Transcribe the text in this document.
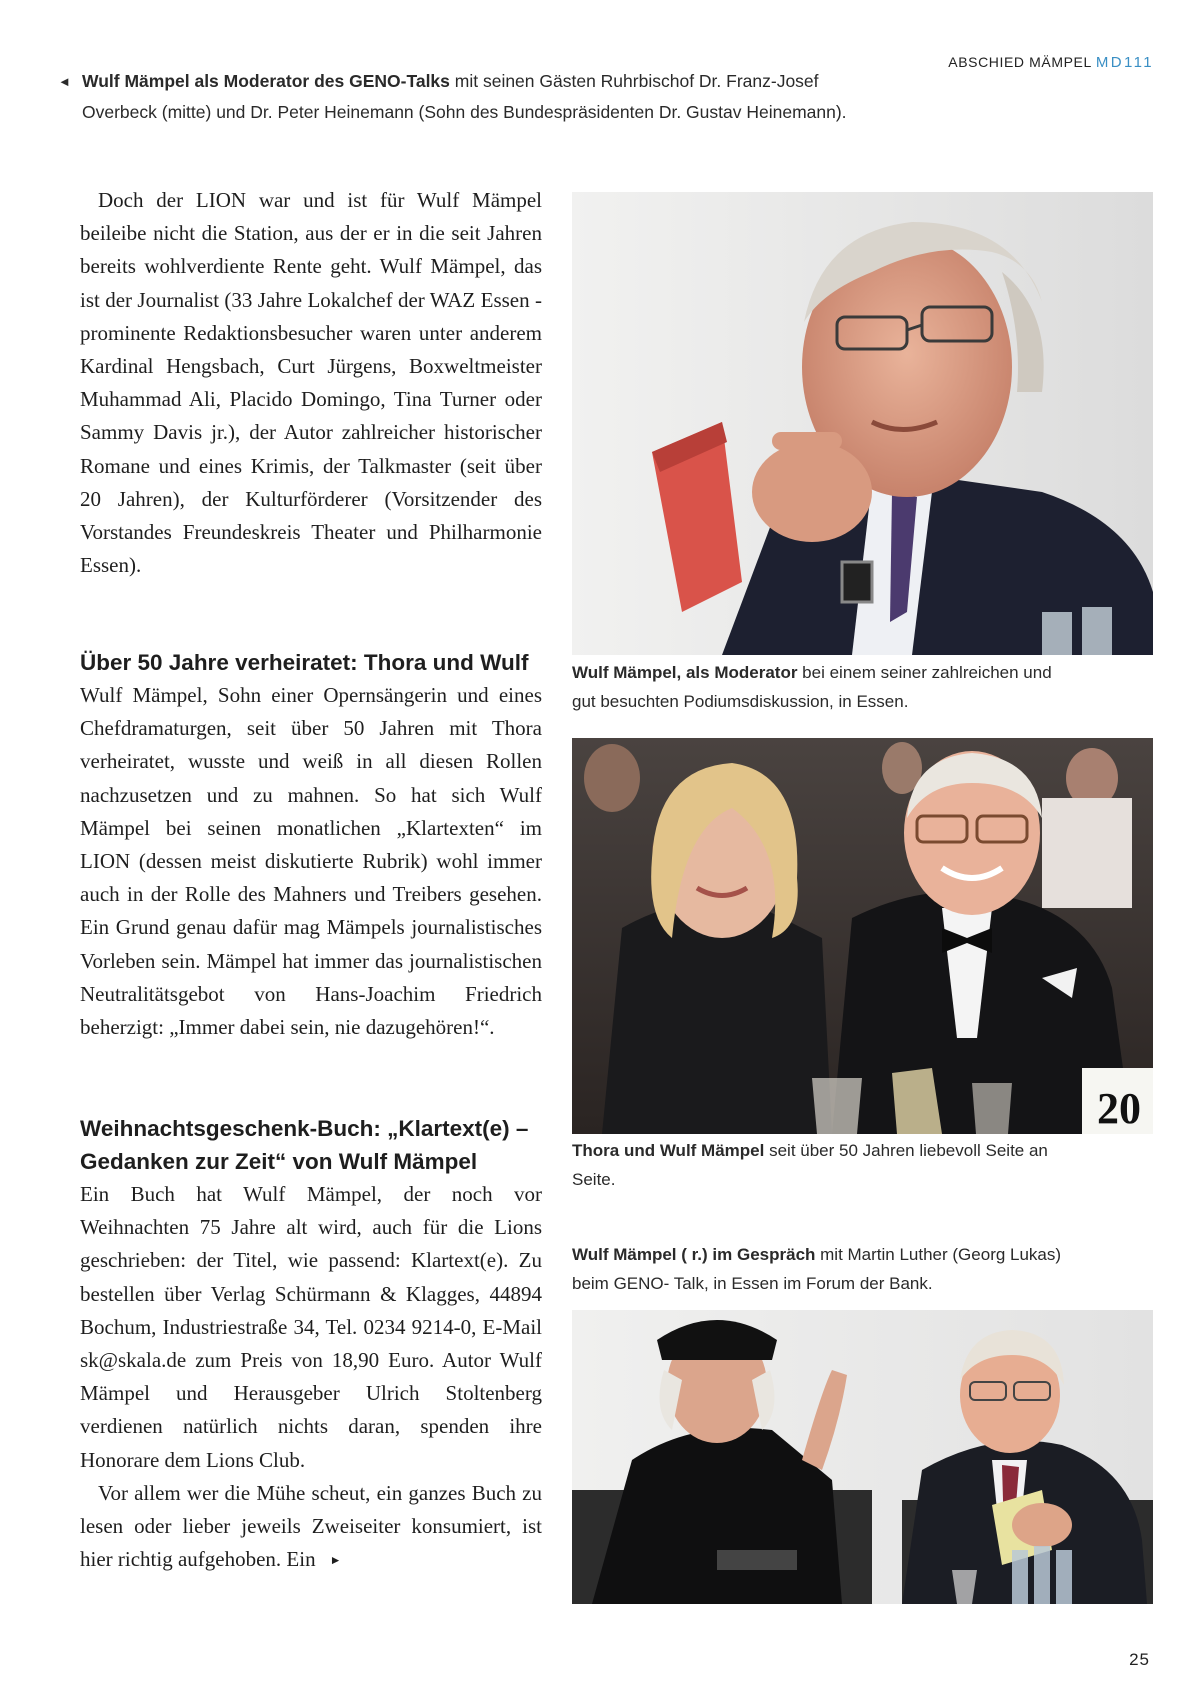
◄ Wulf Mämpel als Moderator des GENO-Talks mit seinen Gästen Ruhrbischof Dr. Franz-Josef
Overbeck (mitte) und Dr. Peter Heinemann (Sohn des Bundespräsidenten Dr. Gustav Heinemann).
ABSCHIED MÄMPEL MD111

Doch der LION war und ist für Wulf Mämpel beileibe nicht die Station, aus der er in die seit Jahren bereits wohlverdiente Rente geht. Wulf Mämpel, das ist der Journalist (33 Jahre Lokalchef der WAZ Essen - prominente Redaktionsbesucher waren unter anderem Kardinal Hengsbach, Curt Jürgens, Boxweltmeister Muhammad Ali, Placido Domingo, Tina Turner oder Sammy Davis jr.), der Autor zahlreicher historischer Romane und eines Krimis, der Talkmaster (seit über 20 Jahren), der Kulturförderer (Vorsitzender des Vorstandes Freundeskreis Theater und Philharmonie Essen).

Über 50 Jahre verheiratet: Thora und Wulf

Wulf Mämpel, Sohn einer Opernsängerin und eines Chefdramaturgen, seit über 50 Jahren mit Thora verheiratet, wusste und weiß in all diesen Rollen nachzusetzen und zu mahnen. So hat sich Wulf Mämpel bei seinen monatlichen „Klartexten“ im LION (dessen meist diskutierte Rubrik) wohl immer auch in der Rolle des Mahners und Treibers gesehen. Ein Grund genau dafür mag Mämpels journalistisches Vorleben sein. Mämpel hat immer das journalistischen Neutralitätsgebot von Hans-Joachim Friedrich beherzigt: „Immer dabei sein, nie dazugehören!“.

Weihnachtsgeschenk-Buch: „Klartext(e) –
Gedanken zur Zeit“ von Wulf Mämpel

Ein Buch hat Wulf Mämpel, der noch vor Weihnachten 75 Jahre alt wird, auch für die Lions geschrieben: der Titel, wie passend: Klartext(e). Zu bestellen über Verlag Schürmann & Klagges, 44894 Bochum, Industriestraße 34, Tel. 0234 9214-0, E-Mail sk@skala.de zum Preis von 18,90 Euro. Autor Wulf Mämpel und Herausgeber Ulrich Stoltenberg verdienen natürlich nichts daran, spenden ihre Honorare dem Lions Club.

Vor allem wer die Mühe scheut, ein ganzes Buch zu lesen oder lieber jeweils Zweiseiter konsumiert, ist hier richtig aufgehoben. Ein ►

Wulf Mämpel, als Moderator bei einem seiner zahlreichen und gut besuchten Podiumsdiskussion, in Essen.
20
Thora und Wulf Mämpel seit über 50 Jahren liebevoll Seite an Seite.
Wulf Mämpel ( r.) im Gespräch mit Martin Luther (Georg Lukas) beim GENO- Talk, in Essen im Forum der Bank.
25
